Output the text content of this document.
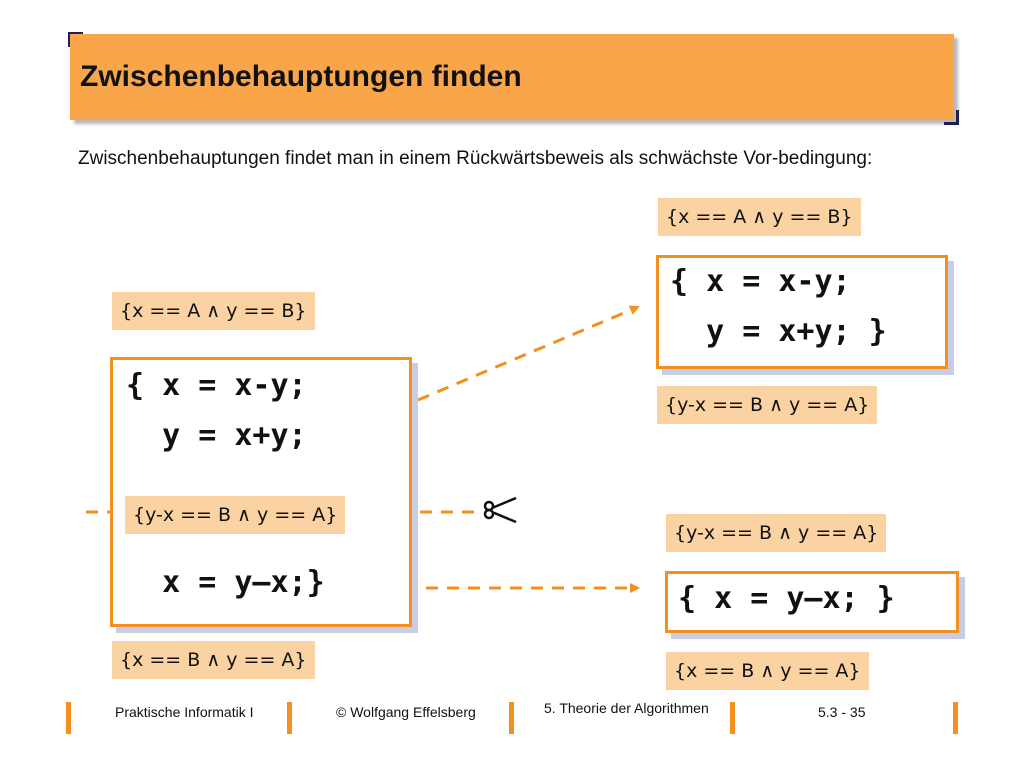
Zwischenbehauptungen finden
Zwischenbehauptungen findet man in einem Rückwärtsbeweis als schwächste Vor-bedingung:
{x == A ∧ y == B}
{ x = x-y;
y = x+y;
{y-x == B ∧ y == A}
x = y–x;}
{x == B ∧ y == A}
{x == A ∧ y == B}
{ x = x-y;
y = x+y; }
{y-x == B ∧ y == A}
{y-x == B ∧ y == A}
{ x = y–x; }
{x == B ∧ y == A}
Praktische Informatik I	© Wolfgang Effelsberg	5. Theorie der Algorithmen	5.3 - 35
